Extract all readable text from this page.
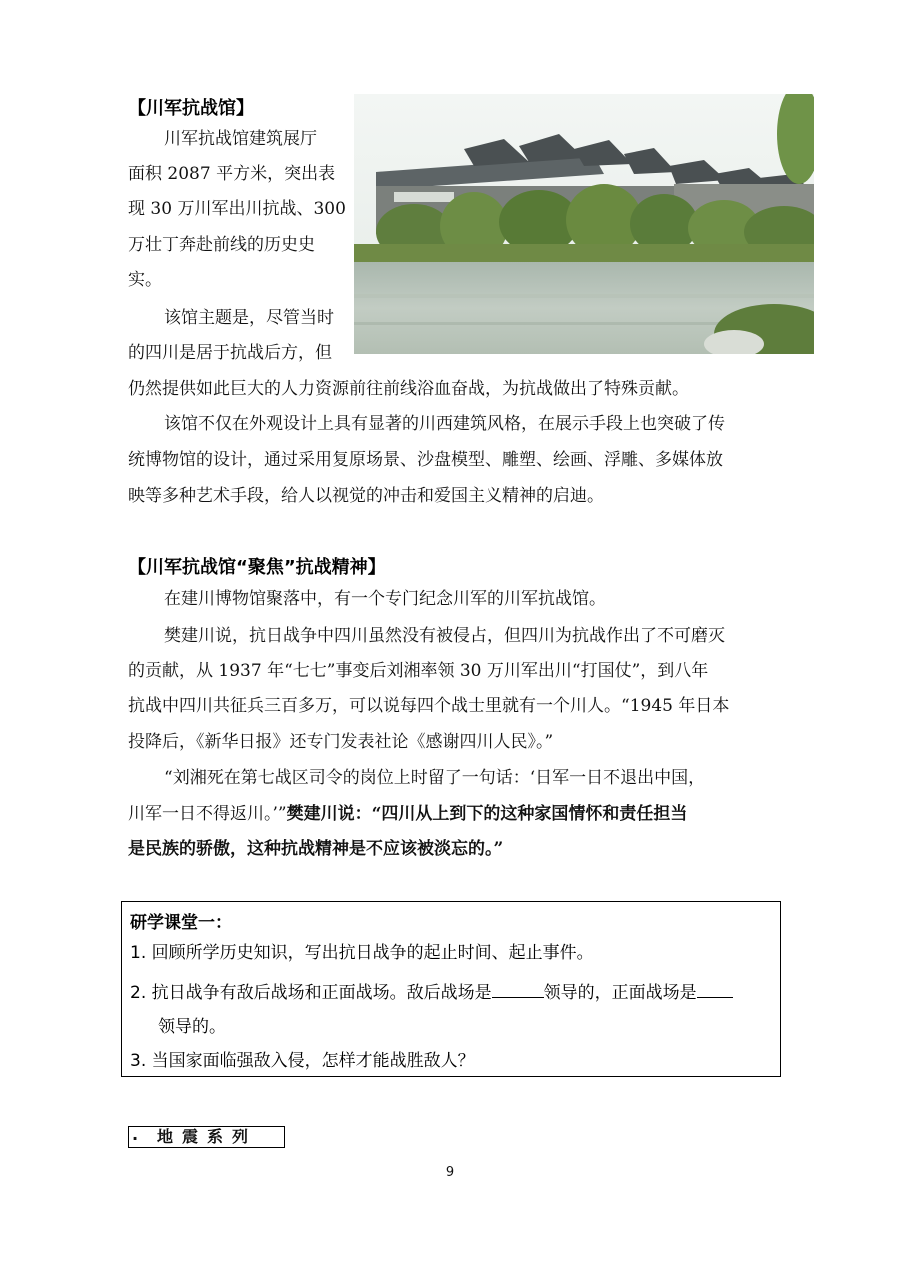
【川军抗战馆】
川军抗战馆建筑展厅
面积 2087 平方米，突出表
现 30 万川军出川抗战、300
万壮丁奔赴前线的历史史
实。
该馆主题是，尽管当时
的四川是居于抗战后方，但
仍然提供如此巨大的人力资源前往前线浴血奋战，为抗战做出了特殊贡献。
该馆不仅在外观设计上具有显著的川西建筑风格，在展示手段上也突破了传
统博物馆的设计，通过采用复原场景、沙盘模型、雕塑、绘画、浮雕、多媒体放
映等多种艺术手段，给人以视觉的冲击和爱国主义精神的启迪。
【川军抗战馆“聚焦”抗战精神】
在建川博物馆聚落中，有一个专门纪念川军的川军抗战馆。
樊建川说，抗日战争中四川虽然没有被侵占，但四川为抗战作出了不可磨灭
的贡献，从 1937 年“七七”事变后刘湘率领 30 万川军出川“打国仗”，到八年
抗战中四川共征兵三百多万，可以说每四个战士里就有一个川人。“1945 年日本
投降后，《新华日报》还专门发表社论《感谢四川人民》。”
“刘湘死在第七战区司令的岗位上时留了一句话：‘日军一日不退出中国，
川军一日不得返川。’”樊建川说：“四川从上到下的这种家国情怀和责任担当
是民族的骄傲，这种抗战精神是不应该被淡忘的。”
研学课堂一：
1. 回顾所学历史知识，写出抗日战争的起止时间、起止事件。
2. 抗日战争有敌后战场和正面战场。敌后战场是	领导的，正面战场是
领导的。
3. 当国家面临强敌入侵，怎样才能战胜敌人？
. 地震系列
9
